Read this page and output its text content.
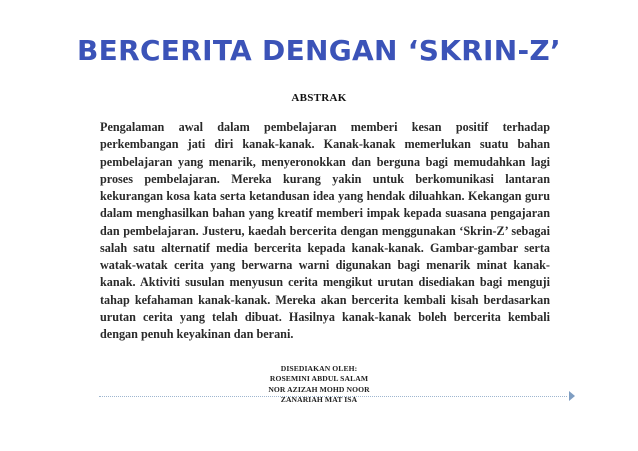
BERCERITA DENGAN ‘SKRIN-Z’
ABSTRAK

Pengalaman awal dalam pembelajaran memberi kesan positif terhadap perkembangan jati diri kanak-kanak. Kanak-kanak memerlukan suatu bahan pembelajaran yang menarik, menyeronokkan dan berguna bagi memudahkan lagi proses pembelajaran. Mereka kurang yakin untuk berkomunikasi lantaran kekurangan kosa kata serta ketandusan idea yang hendak diluahkan. Kekangan guru dalam menghasilkan bahan yang kreatif memberi impak kepada suasana pengajaran dan pembelajaran. Justeru, kaedah bercerita dengan menggunakan ‘Skrin-Z’ sebagai salah satu alternatif media bercerita kepada kanak-kanak. Gambar-gambar serta watak-watak cerita yang berwarna warni digunakan bagi menarik minat kanak-kanak. Aktiviti susulan menyusun cerita mengikut urutan disediakan bagi menguji tahap kefahaman kanak-kanak. Mereka akan bercerita kembali kisah berdasarkan urutan cerita yang telah dibuat. Hasilnya kanak-kanak boleh bercerita kembali dengan penuh keyakinan dan berani.

DISEDIAKAN OLEH:
ROSEMINI ABDUL SALAM
NOR AZIZAH MOHD NOOR
ZANARIAH MAT ISA
